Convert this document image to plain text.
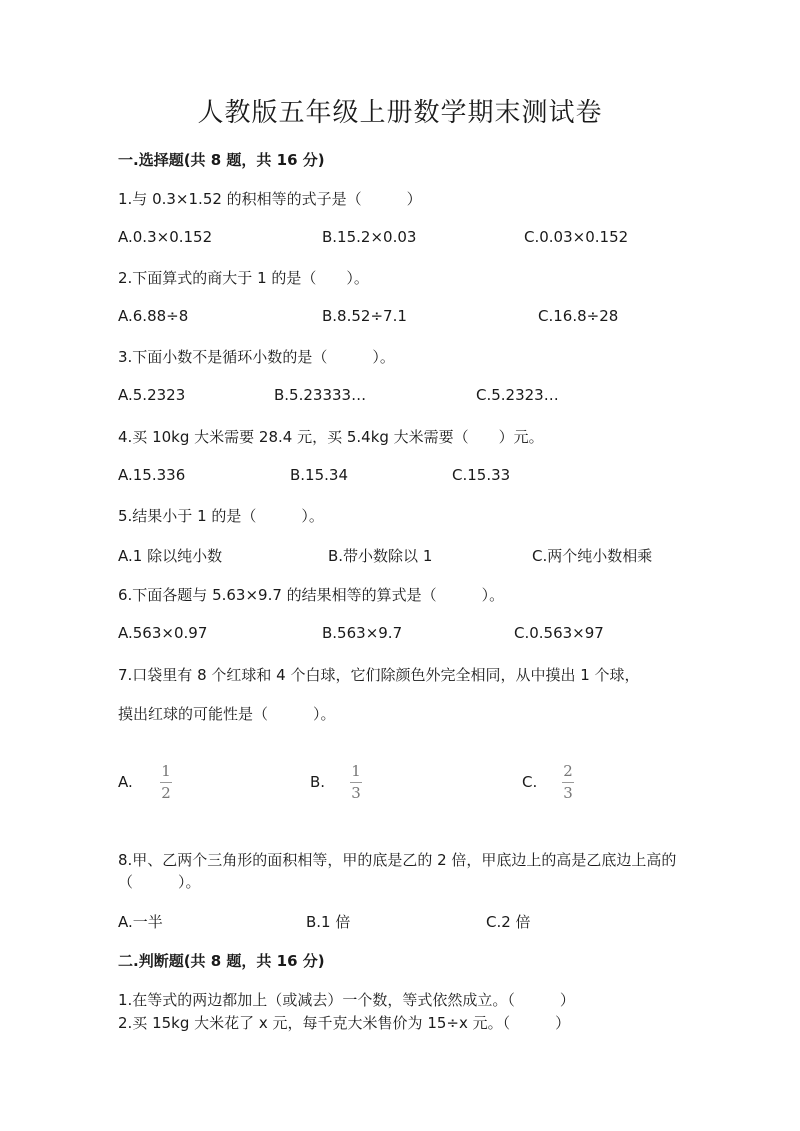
人教版五年级上册数学期末测试卷
一.选择题(共 8 题，共 16 分)
1.与 0.3×1.52 的积相等的式子是（　　　）
A.0.3×0.152	B.15.2×0.03	C.0.03×0.152
2.下面算式的商大于 1 的是（　　）。
A.6.88÷8	B.8.52÷7.1	C.16.8÷28
3.下面小数不是循环小数的是（　　　）。
A.5.2323	B.5.23333…	C.5.2323…
4.买 10kg 大米需要 28.4 元，买 5.4kg 大米需要（　　）元。
A.15.336	B.15.34	C.15.33
5.结果小于 1 的是（　　　）。
A.1 除以纯小数	B.带小数除以 1	C.两个纯小数相乘
6.下面各题与 5.63×9.7 的结果相等的算式是（　　　）。
A.563×0.97	B.563×9.7	C.0.563×97
7.口袋里有 8 个红球和 4 个白球，它们除颜色外完全相同，从中摸出 1 个球，
摸出红球的可能性是（　　　）。
A.
1
2
B.
1
3
C.
2
3
8.甲、乙两个三角形的面积相等，甲的底是乙的 2 倍，甲底边上的高是乙底边上高的（　　　）。
A.一半	B.1 倍	C.2 倍
二.判断题(共 8 题，共 16 分)
1.在等式的两边都加上（或减去）一个数，等式依然成立。（　　　）
2.买 15kg 大米花了 x 元，每千克大米售价为 15÷x 元。（　　　）
